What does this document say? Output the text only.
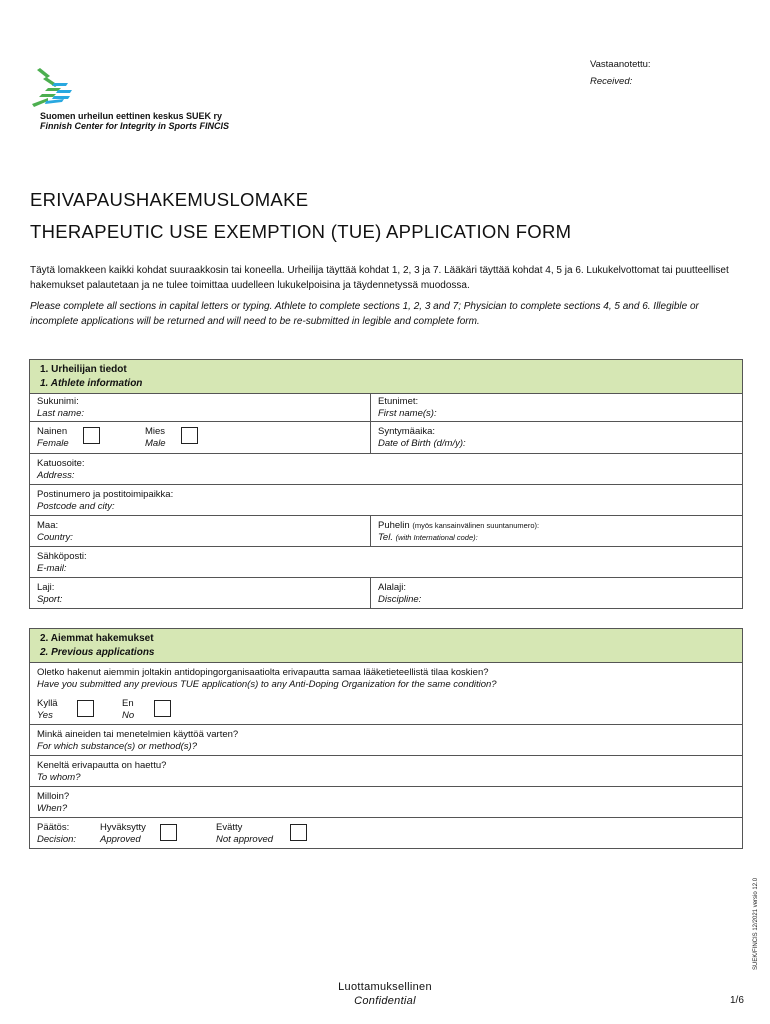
Vastaanotettu:
Received:
Suomen urheilun eettinen keskus SUEK ry
Finnish Center for Integrity in Sports FINCIS
ERIVAPAUSHAKEMUSLOMAKE
THERAPEUTIC USE EXEMPTION (TUE) APPLICATION FORM
Täytä lomakkeen kaikki kohdat suuraakkosin tai koneella. Urheilija täyttää kohdat 1, 2, 3 ja 7. Lääkäri täyttää kohdat 4, 5 ja 6. Lukukelvottomat tai puutteelliset hakemukset palautetaan ja ne tulee toimittaa uudelleen lukukelpoisina ja täydennetyssä muodossa.
Please complete all sections in capital letters or typing. Athlete to complete sections 1, 2, 3 and 7; Physician to complete sections 4, 5 and 6. Illegible or incomplete applications will be returned and will need to be re-submitted in legible and complete form.
1. Urheilijan tiedot
1. Athlete information
Sukunimi:
Last name:
Etunimet:
First name(s):
Nainen
Female
Mies
Male
Syntymäaika:
Date of Birth (d/m/y):
Katuosoite:
Address:
Postinumero ja postitoimipaikka:
Postcode and city:
Maa:
Country:
Puhelin (myös kansainvälinen suuntanumero):
Tel. (with International code):
Sähköposti:
E-mail:
Laji:
Sport:
Alalaji:
Discipline:
2. Aiemmat hakemukset
2. Previous applications
Oletko hakenut aiemmin joltakin antidopingorganisaatiolta erivapautta samaa lääketieteellistä tilaa koskien?
Have you submitted any previous TUE application(s) to any Anti-Doping Organization for the same condition?
Kyllä
Yes
En
No
Minkä aineiden tai menetelmien käyttöä varten?
For which substance(s) or method(s)?
Keneltä erivapautta on haettu?
To whom?
Milloin?
When?
Päätös:
Decision:
Hyväksytty
Approved
Evätty
Not approved
SUEK/FINCIS 12/2021 versio 12.0
Luottamuksellinen
Confidential	1/6
